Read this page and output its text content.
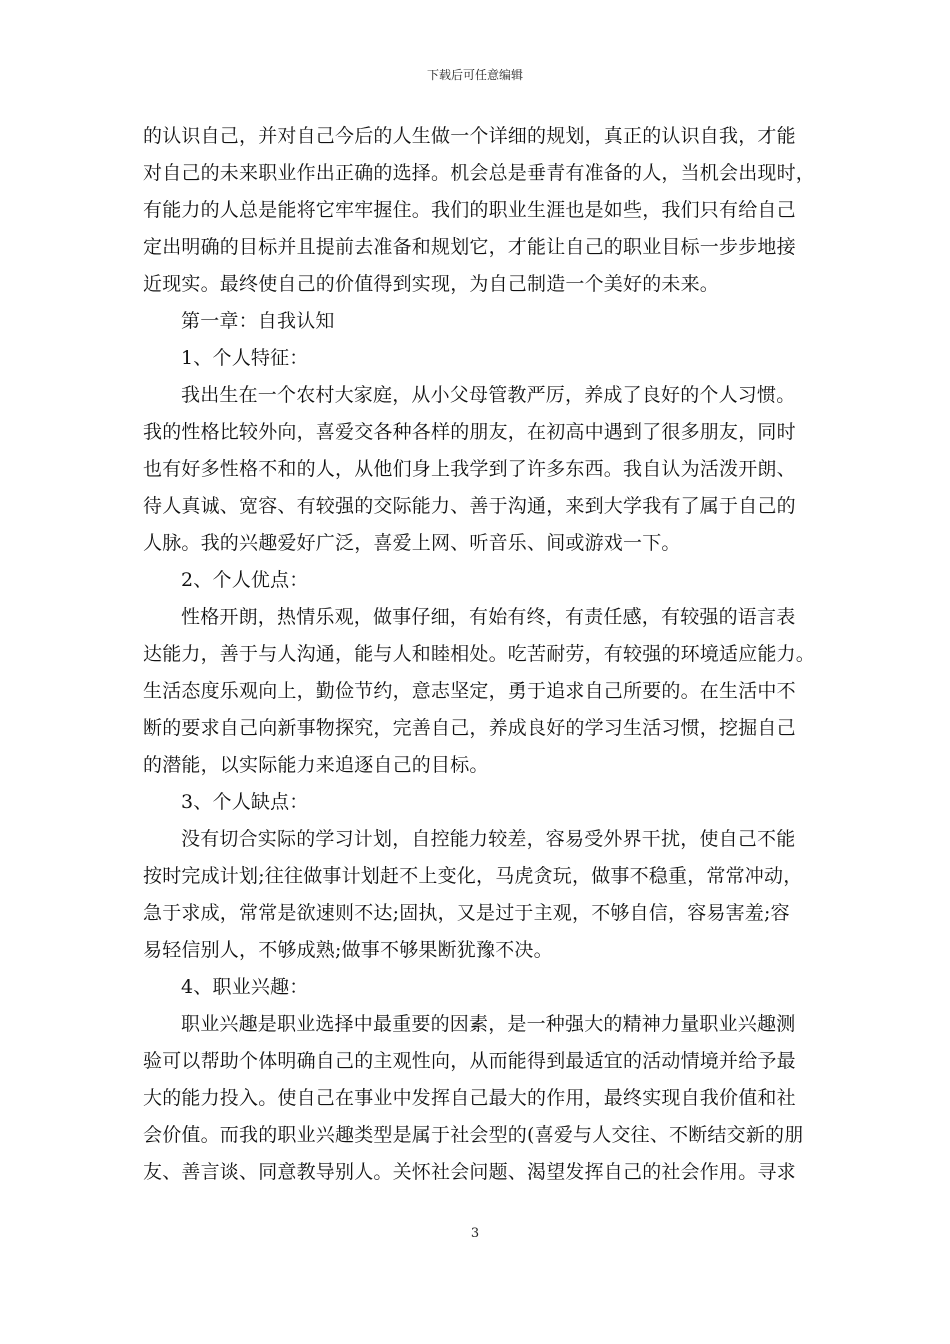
下载后可任意编辑
的认识自己，并对自己今后的人生做一个详细的规划，真正的认识自我，才能
对自己的未来职业作出正确的选择。机会总是垂青有准备的人，当机会出现时，
有能力的人总是能将它牢牢握住。我们的职业生涯也是如些，我们只有给自己
定出明确的目标并且提前去准备和规划它，才能让自己的职业目标一步步地接
近现实。最终使自己的价值得到实现，为自己制造一个美好的未来。
第一章：自我认知
1、个人特征：
我出生在一个农村大家庭，从小父母管教严厉，养成了良好的个人习惯。
我的性格比较外向，喜爱交各种各样的朋友，在初高中遇到了很多朋友，同时
也有好多性格不和的人，从他们身上我学到了许多东西。我自认为活泼开朗、
待人真诚、宽容、有较强的交际能力、善于沟通，来到大学我有了属于自己的
人脉。我的兴趣爱好广泛，喜爱上网、听音乐、间或游戏一下。
2、个人优点：
性格开朗，热情乐观，做事仔细，有始有终，有责任感，有较强的语言表
达能力，善于与人沟通，能与人和睦相处。吃苦耐劳，有较强的环境适应能力。
生活态度乐观向上，勤俭节约，意志坚定，勇于追求自己所要的。在生活中不
断的要求自己向新事物探究，完善自己，养成良好的学习生活习惯，挖掘自己
的潜能，以实际能力来追逐自己的目标。
3、个人缺点：
没有切合实际的学习计划，自控能力较差，容易受外界干扰，使自己不能
按时完成计划;往往做事计划赶不上变化，马虎贪玩，做事不稳重，常常冲动，
急于求成，常常是欲速则不达;固执，又是过于主观，不够自信，容易害羞;容
易轻信别人，不够成熟;做事不够果断犹豫不决。
4、职业兴趣：
职业兴趣是职业选择中最重要的因素，是一种强大的精神力量职业兴趣测
验可以帮助个体明确自己的主观性向，从而能得到最适宜的活动情境并给予最
大的能力投入。使自己在事业中发挥自己最大的作用，最终实现自我价值和社
会价值。而我的职业兴趣类型是属于社会型的(喜爱与人交往、不断结交新的朋
友、善言谈、同意教导别人。关怀社会问题、渴望发挥自己的社会作用。寻求
3
